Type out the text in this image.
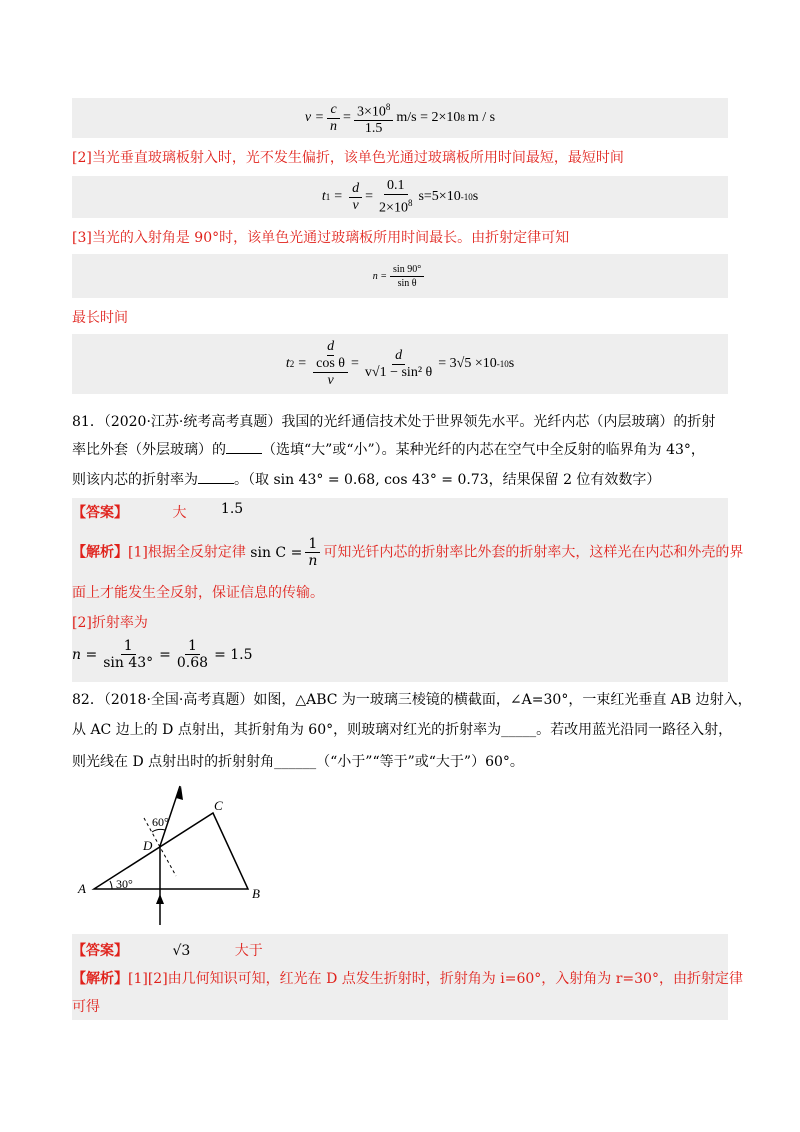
$v = \frac{c}{n} = \frac{3\times 10^8}{1.5} m/s = 2\times 10$ 8 m / s
[2]当光垂直玻璃板射入时，光不发生偏折，该单色光通过玻璃板所用时间最短，最短时间
t $1 = \frac{d}{v} = \frac{0.1}{2\times 10^8} s=5\times 10$ -10 s
[3]当光的入射角是 90°时，该单色光通过玻璃板所用时间最长。由折射定律可知
$n = \frac{\sin 90^\circ}{\text{sin θ}}$
最长时间
t $2 = \frac{\frac{d}{\text{cos θ}}}{v} = \frac{d}{\text{v√1 − sin² θ}} = 3√5 \times 10$ -10 s
81．（2020·江苏·统考高考真题）我国的光纤通信技术处于世界领先水平。光纤内芯（内层玻璃）的折射
率比外套（外层玻璃）的	（选填“大”或“小”）。某种光纤的内芯在空气中全反射的临界角为 43°，
则该内芯的折射率为	。（取 sin 43° = 0.68, cos 43° = 0.73，结果保留 2 位有效数字）
【答案】	大 1.5
【解析】[1]根据全反射定律 $\sin C = \frac{1}{n}$ 可知光钎内芯的折射率比外套的折射率大，这样光在内芯和外壳的界
面上才能发生全反射，保证信息的传输。
[2]折射率为
$n = \frac{1}{\sin 43^\circ} = \frac{1}{0.68} = 1.5$
82．（2018·全国·高考真题）如图，△ABC 为一玻璃三棱镜的横截面，∠A=30°，一束红光垂直 AB 边射入，
从 AC 边上的 D 点射出，其折射角为 60°，则玻璃对红光的折射率为_____。若改用蓝光沿同一路径入射，
则光线在 D 点射出时的折射射角______（“小于”“等于”或“大于”）60°。
A	B
C
D
30°
60°
【答案】	√3	大于
【解析】[1][2]由几何知识可知，红光在 D 点发生折射时，折射角为 i=60°，入射角为 r=30°，由折射定律
可得
